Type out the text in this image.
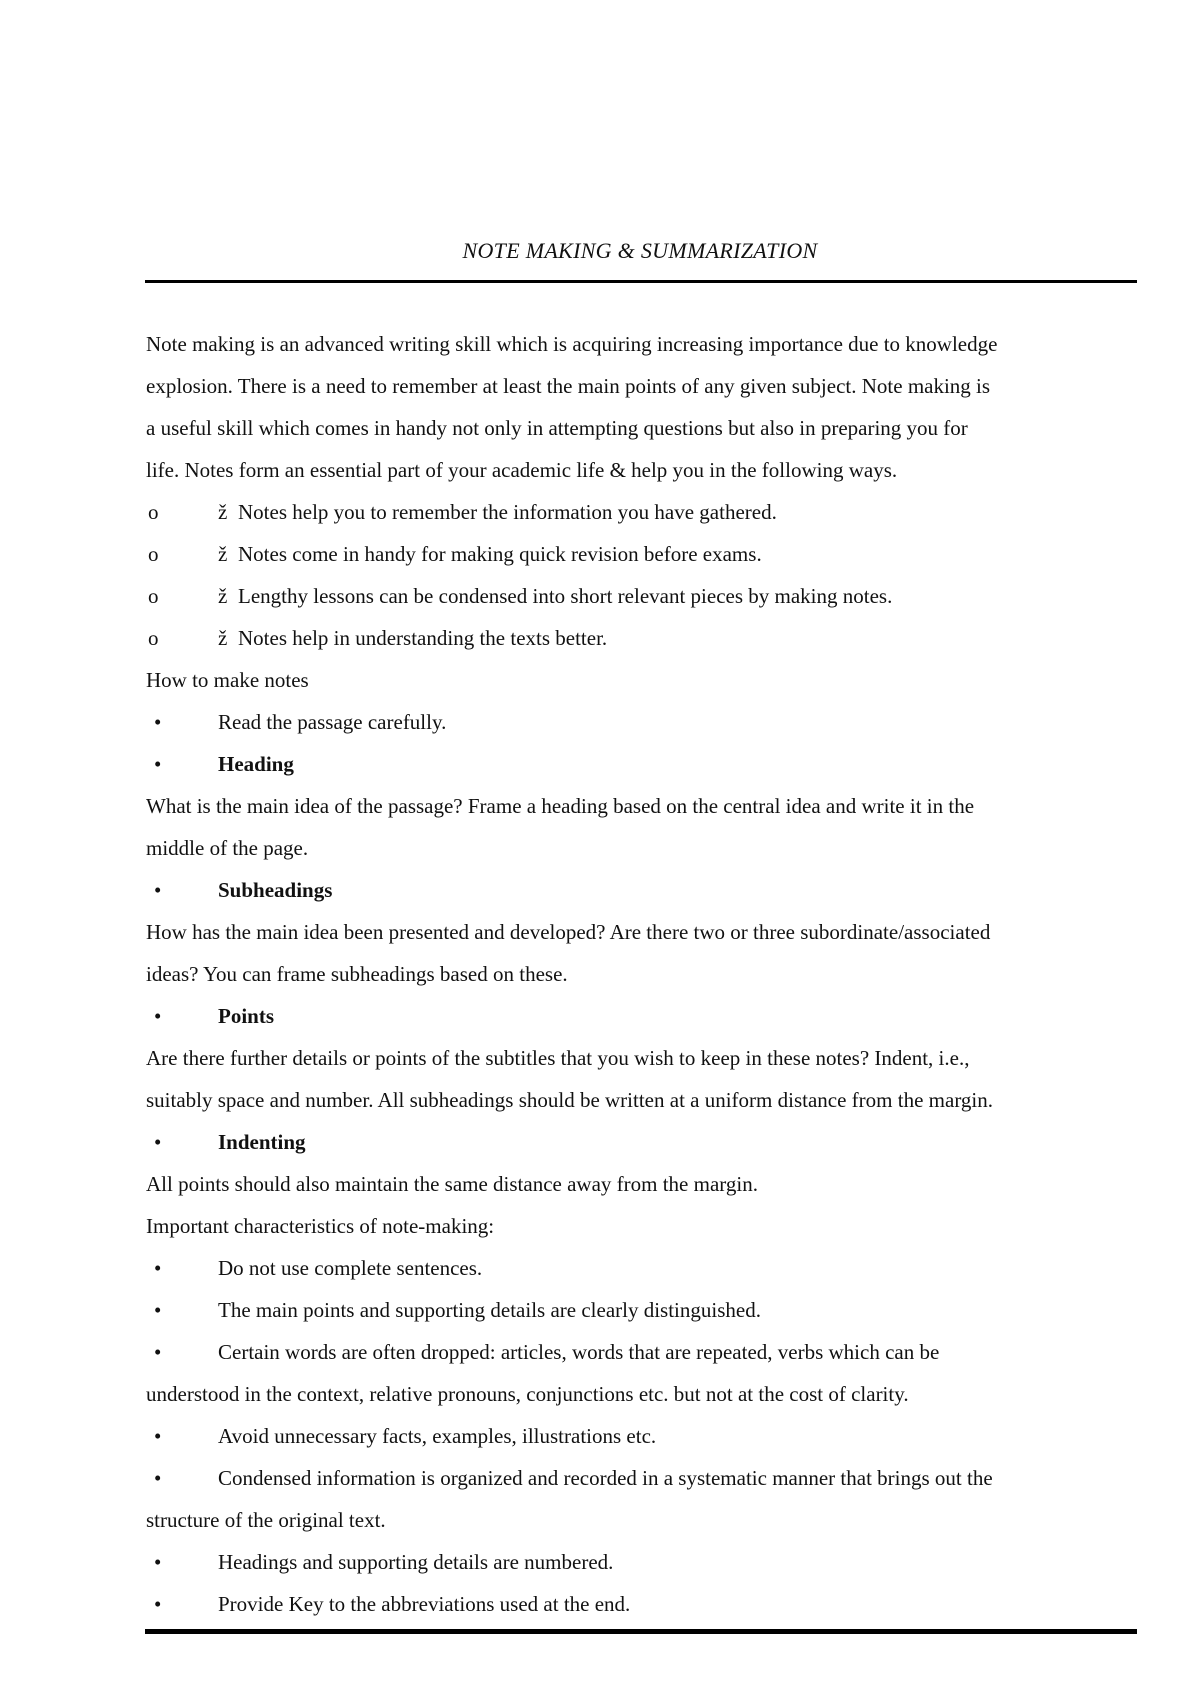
NOTE MAKING & SUMMARIZATION
Note making is an advanced writing skill which is acquiring increasing importance due to knowledge
explosion. There is a need to remember at least the main points of any given subject. Note making is
a useful skill which comes in handy not only in attempting questions but also in preparing you for
life. Notes form an essential part of your academic life & help you in the following ways.
o	ž Notes help you to remember the information you have gathered.
o	ž Notes come in handy for making quick revision before exams.
o	ž Lengthy lessons can be condensed into short relevant pieces by making notes.
o	ž Notes help in understanding the texts better.
How to make notes
•	Read the passage carefully.
•	Heading
What is the main idea of the passage? Frame a heading based on the central idea and write it in the
middle of the page.
•	Subheadings
How has the main idea been presented and developed? Are there two or three subordinate/associated
ideas? You can frame subheadings based on these.
•	Points
Are there further details or points of the subtitles that you wish to keep in these notes? Indent, i.e.,
suitably space and number. All subheadings should be written at a uniform distance from the margin.
•	Indenting
All points should also maintain the same distance away from the margin.
Important characteristics of note-making:
•	Do not use complete sentences.
•	The main points and supporting details are clearly distinguished.
•	Certain words are often dropped: articles, words that are repeated, verbs which can be
understood in the context, relative pronouns, conjunctions etc. but not at the cost of clarity.
•	Avoid unnecessary facts, examples, illustrations etc.
•	Condensed information is organized and recorded in a systematic manner that brings out the
structure of the original text.
•	Headings and supporting details are numbered.
•	Provide Key to the abbreviations used at the end.
